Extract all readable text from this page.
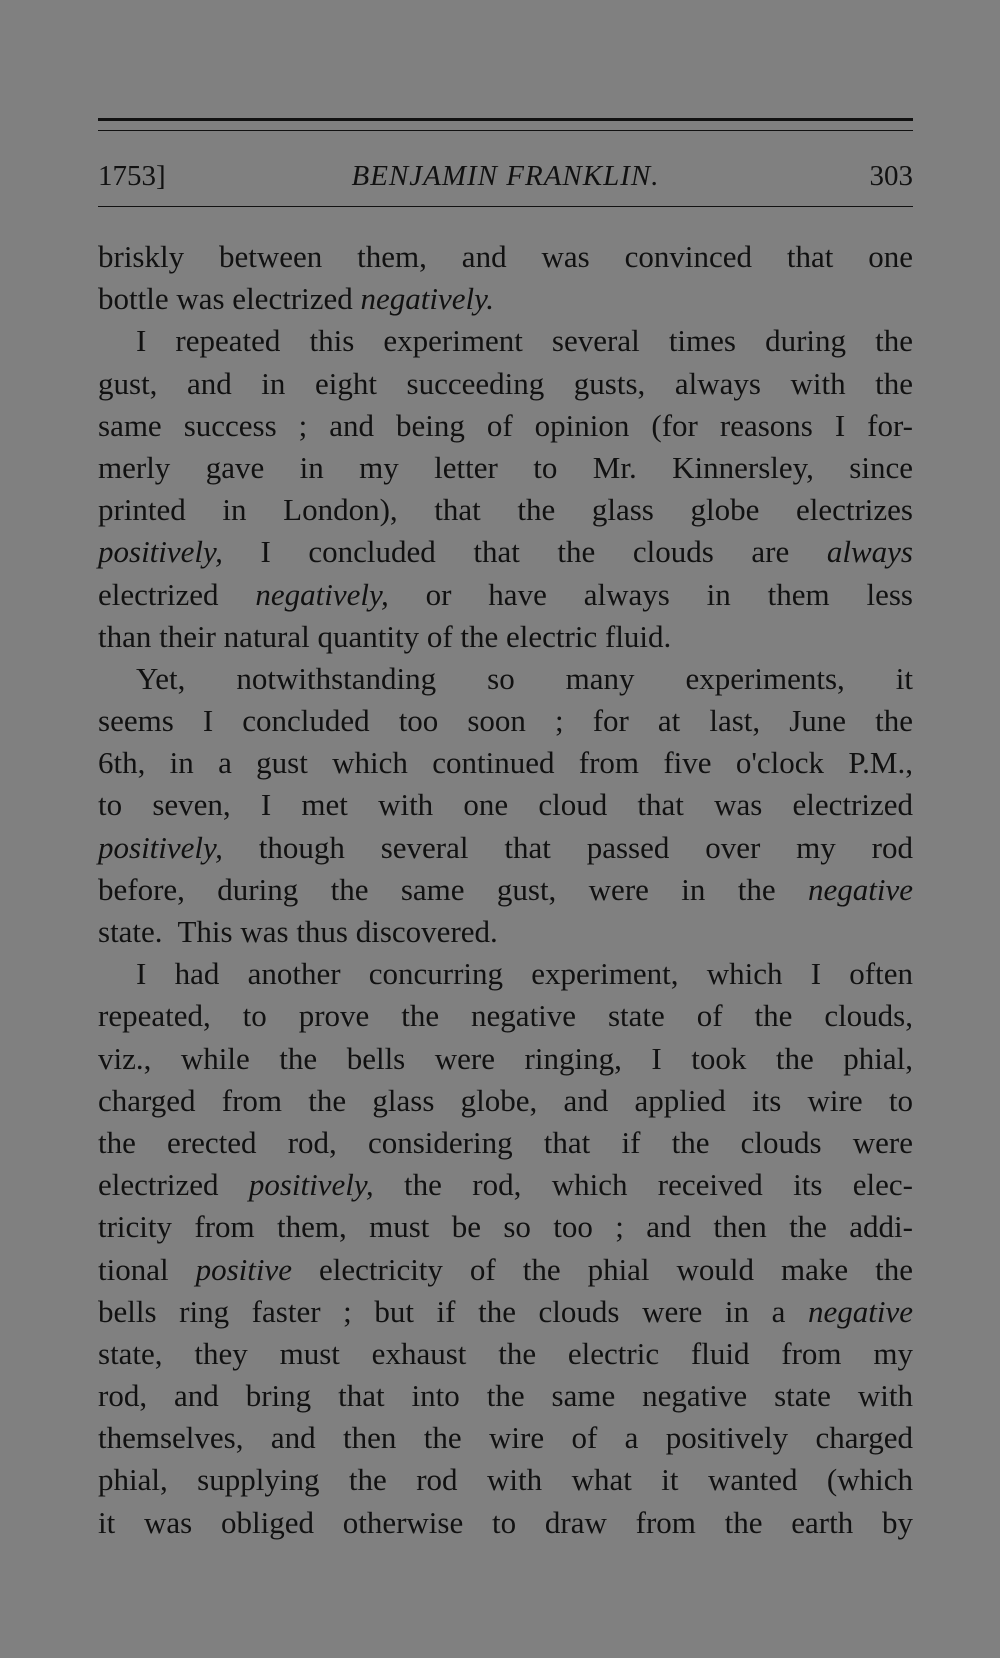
1753]	BENJAMIN FRANKLIN.	303
briskly between them, and was convinced that one
bottle was electrized negatively.
I repeated this experiment several times during the
gust, and in eight succeeding gusts, always with the
same success ; and being of opinion (for reasons I for-
merly gave in my letter to Mr. Kinnersley, since
printed in London), that the glass globe electrizes
positively, I concluded that the clouds are always
electrized negatively, or have always in them less
than their natural quantity of the electric fluid.
Yet, notwithstanding so many experiments, it
seems I concluded too soon ; for at last, June the
6th, in a gust which continued from five o'clock P.M.,
to seven, I met with one cloud that was electrized
positively, though several that passed over my rod
before, during the same gust, were in the negative
state.  This was thus discovered.
I had another concurring experiment, which I often
repeated, to prove the negative state of the clouds,
viz., while the bells were ringing, I took the phial,
charged from the glass globe, and applied its wire to
the erected rod, considering that if the clouds were
electrized positively, the rod, which received its elec-
tricity from them, must be so too ; and then the addi-
tional positive electricity of the phial would make the
bells ring faster ; but if the clouds were in a negative
state, they must exhaust the electric fluid from my
rod, and bring that into the same negative state with
themselves, and then the wire of a positively charged
phial, supplying the rod with what it wanted (which
it was obliged otherwise to draw from the earth by
